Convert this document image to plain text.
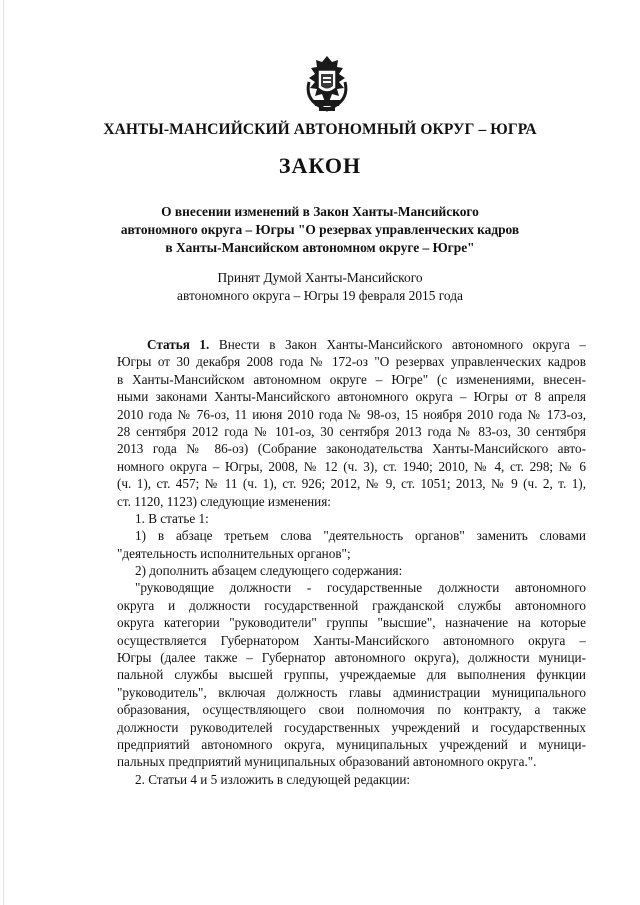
ХАНТЫ-МАНСИЙСКИЙ АВТОНОМНЫЙ ОКРУГ – ЮГРА
ЗАКОН
О внесении изменений в Закон Ханты-Мансийского
автономного округа – Югры "О резервах управленческих кадров
в Ханты-Мансийском автономном округе – Югре"
Принят Думой Ханты-Мансийского
автономного округа – Югры 19 февраля 2015 года
Статья 1. Внести в Закон Ханты-Мансийского автономного округа –
Югры от 30 декабря 2008 года № 172-оз "О резервах управленческих кадров
в Ханты-Мансийском автономном округе – Югре" (с изменениями, внесен-
ными законами Ханты-Мансийского автономного округа – Югры от 8 апреля
2010 года № 76-оз, 11 июня 2010 года № 98-оз, 15 ноября 2010 года № 173-оз,
28 сентября 2012 года № 101-оз, 30 сентября 2013 года № 83-оз, 30 сентября
2013 года № 86-оз) (Собрание законодательства Ханты-Мансийского авто-
номного округа – Югры, 2008, № 12 (ч. 3), ст. 1940; 2010, № 4, ст. 298; № 6
(ч. 1), ст. 457; № 11 (ч. 1), ст. 926; 2012, № 9, ст. 1051; 2013, № 9 (ч. 2, т. 1),
ст. 1120, 1123) следующие изменения:
1. В статье 1:
1) в абзаце третьем слова "деятельность органов" заменить словами
"деятельность исполнительных органов";
2) дополнить абзацем следующего содержания:
"руководящие должности - государственные должности автономного
округа и должности государственной гражданской службы автономного
округа категории "руководители" группы "высшие", назначение на которые
осуществляется Губернатором Ханты-Мансийского автономного округа –
Югры (далее также – Губернатор автономного округа), должности муници-
пальной службы высшей группы, учреждаемые для выполнения функции
"руководитель", включая должность главы администрации муниципального
образования, осуществляющего свои полномочия по контракту, а также
должности руководителей государственных учреждений и государственных
предприятий автономного округа, муниципальных учреждений и муници-
пальных предприятий муниципальных образований автономного округа.".
2. Статьи 4 и 5 изложить в следующей редакции:
